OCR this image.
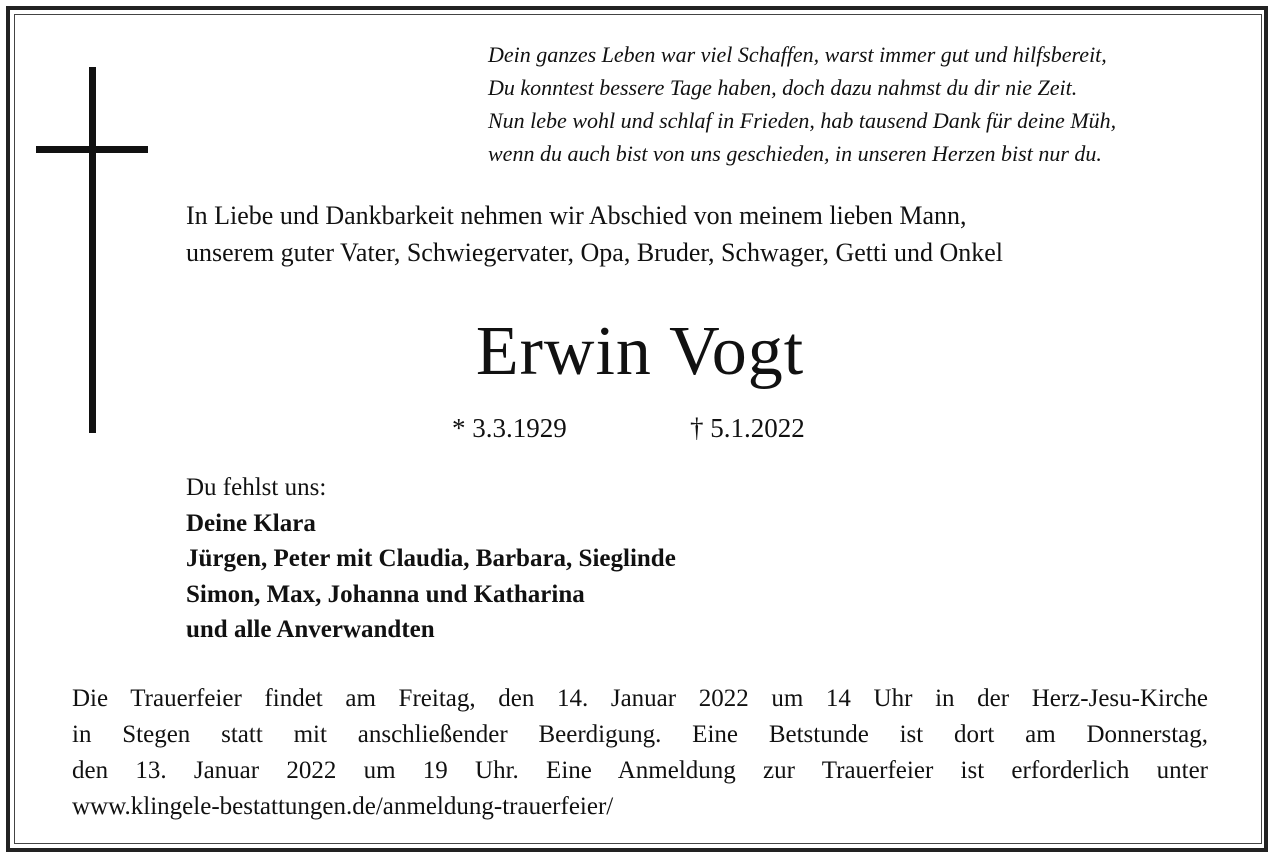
Dein ganzes Leben war viel Schaffen, warst immer gut und hilfsbereit,
Du konntest bessere Tage haben, doch dazu nahmst du dir nie Zeit.
Nun lebe wohl und schlaf in Frieden, hab tausend Dank für deine Müh,
wenn du auch bist von uns geschieden, in unseren Herzen bist nur du.
In Liebe und Dankbarkeit nehmen wir Abschied von meinem lieben Mann,
unserem guter Vater, Schwiegervater, Opa, Bruder, Schwager, Getti und Onkel
Erwin Vogt
* 3.3.1929	† 5.1.2022
Du fehlst uns:
Deine Klara
Jürgen, Peter mit Claudia, Barbara, Sieglinde
Simon, Max, Johanna und Katharina
und alle Anverwandten
Die Trauerfeier findet am Freitag, den 14. Januar 2022 um 14 Uhr in der Herz-Jesu-Kirche
in Stegen statt mit anschließender Beerdigung. Eine Betstunde ist dort am Donnerstag,
den 13. Januar 2022 um 19 Uhr. Eine Anmeldung zur Trauerfeier ist erforderlich unter
www.klingele-bestattungen.de/anmeldung-trauerfeier/
